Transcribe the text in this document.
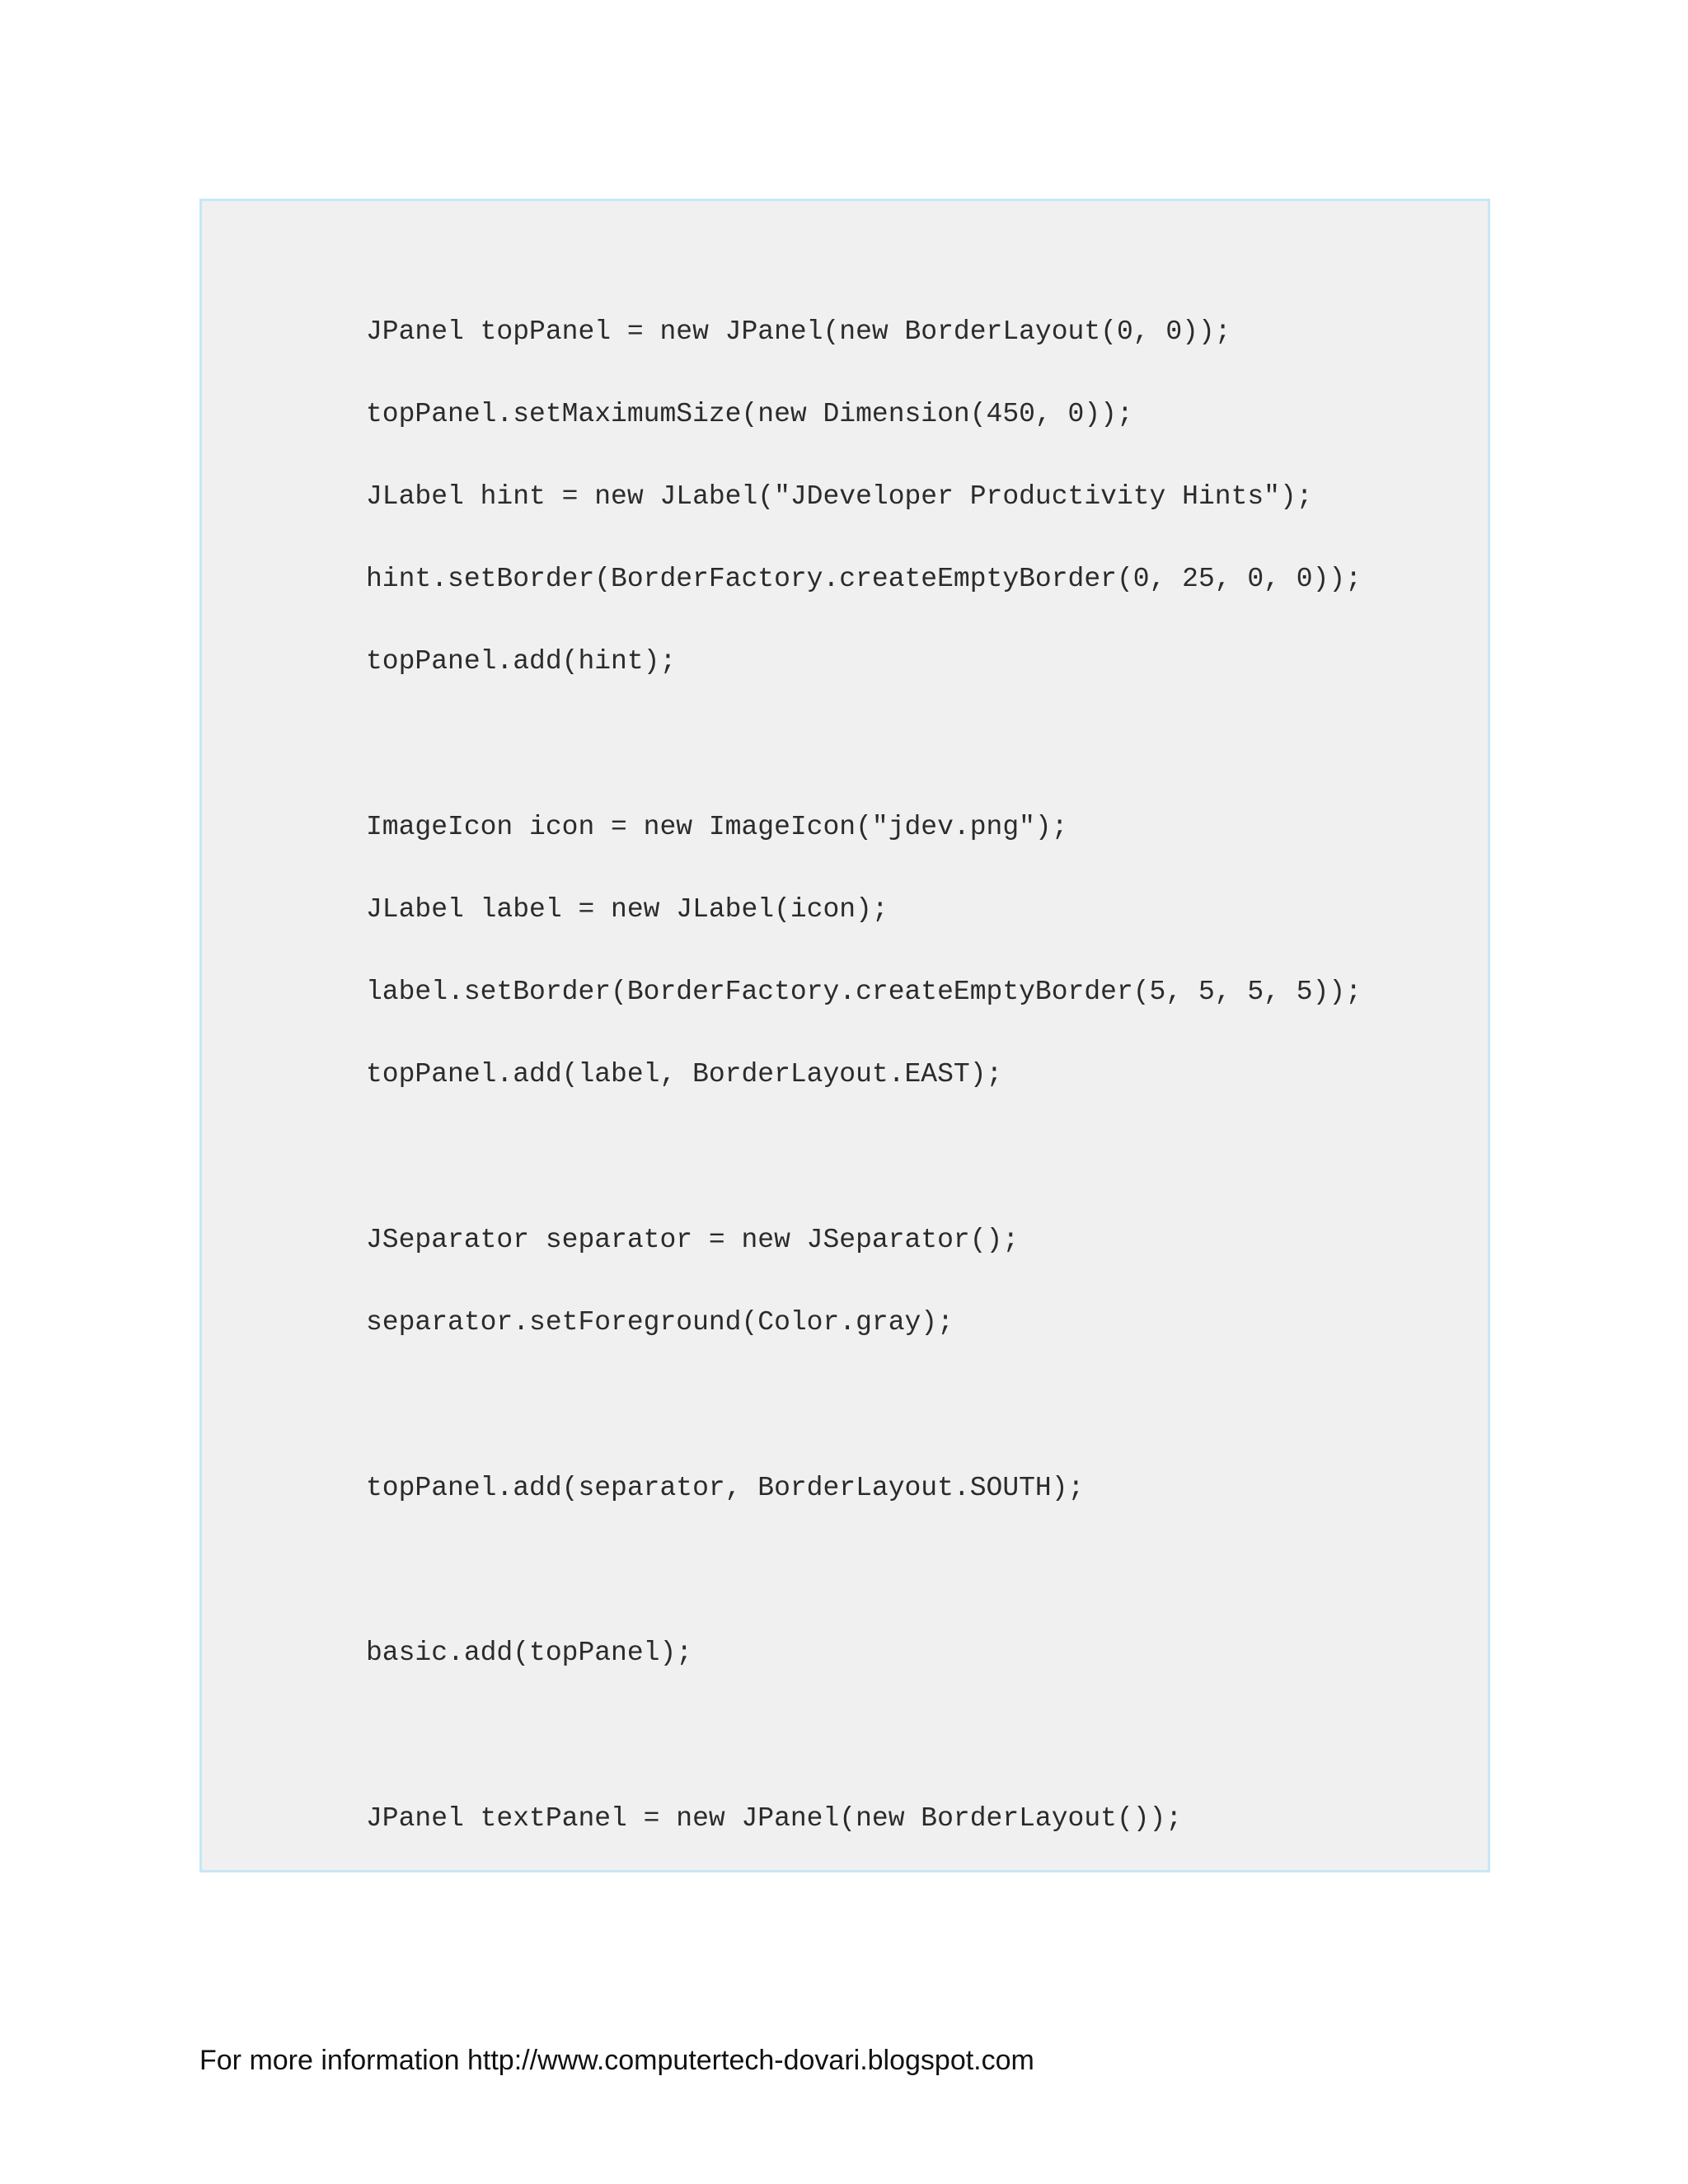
JPanel topPanel = new JPanel(new BorderLayout(0, 0));

topPanel.setMaximumSize(new Dimension(450, 0));

JLabel hint = new JLabel("JDeveloper Productivity Hints");

hint.setBorder(BorderFactory.createEmptyBorder(0, 25, 0, 0));

topPanel.add(hint);

ImageIcon icon = new ImageIcon("jdev.png");

JLabel label = new JLabel(icon);

label.setBorder(BorderFactory.createEmptyBorder(5, 5, 5, 5));

topPanel.add(label, BorderLayout.EAST);

JSeparator separator = new JSeparator();

separator.setForeground(Color.gray);

topPanel.add(separator, BorderLayout.SOUTH);

basic.add(topPanel);

JPanel textPanel = new JPanel(new BorderLayout());

For more information http://www.computertech-dovari.blogspot.com
